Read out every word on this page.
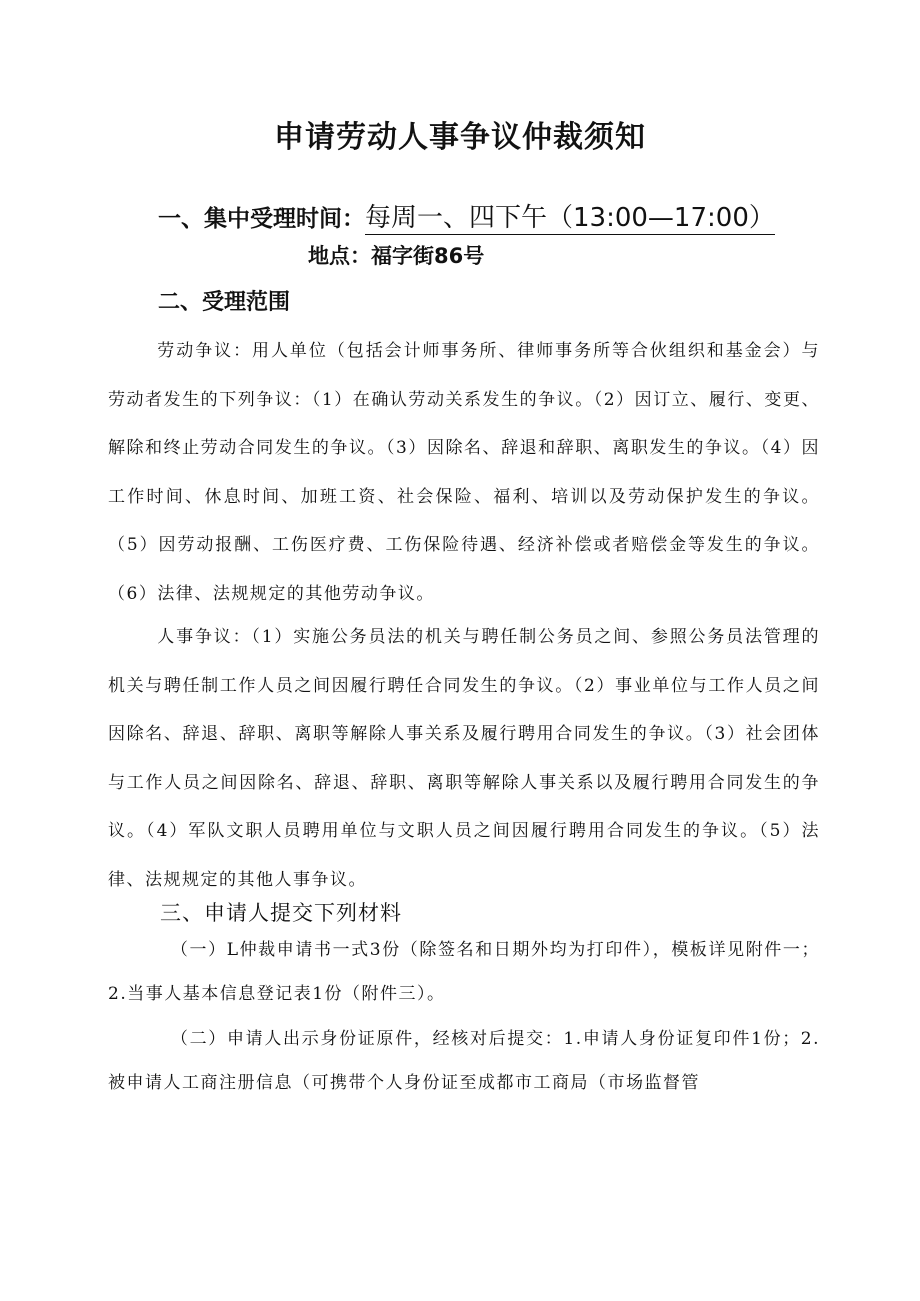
申请劳动人事争议仲裁须知
一、集中受理时间：每周一、四下午（13:00—17:00）
地点：福字街86号
二、受理范围

劳动争议：用人单位（包括会计师事务所、律师事务所等合伙组织和基金会）与劳动者发生的下列争议：（1）在确认劳动关系发生的争议。（2）因订立、履行、变更、解除和终止劳动合同发生的争议。（3）因除名、辞退和辞职、离职发生的争议。（4）因工作时间、休息时间、加班工资、社会保险、福利、培训以及劳动保护发生的争议。（5）因劳动报酬、工伤医疗费、工伤保险待遇、经济补偿或者赔偿金等发生的争议。（6）法律、法规规定的其他劳动争议。

人事争议：（1）实施公务员法的机关与聘任制公务员之间、参照公务员法管理的机关与聘任制工作人员之间因履行聘任合同发生的争议。（2）事业单位与工作人员之间因除名、辞退、辞职、离职等解除人事关系及履行聘用合同发生的争议。（3）社会团体与工作人员之间因除名、辞退、辞职、离职等解除人事关系以及履行聘用合同发生的争议。（4）军队文职人员聘用单位与文职人员之间因履行聘用合同发生的争议。（5）法律、法规规定的其他人事争议。

三、申请人提交下列材料

（一）L仲裁申请书一式3份（除签名和日期外均为打印件），模板详见附件一；2.当事人基本信息登记表1份（附件三）。

（二）申请人出示身份证原件，经核对后提交：1.申请人身份证复印件1份；2.被申请人工商注册信息（可携带个人身份证至成都市工商局（市场监督管
